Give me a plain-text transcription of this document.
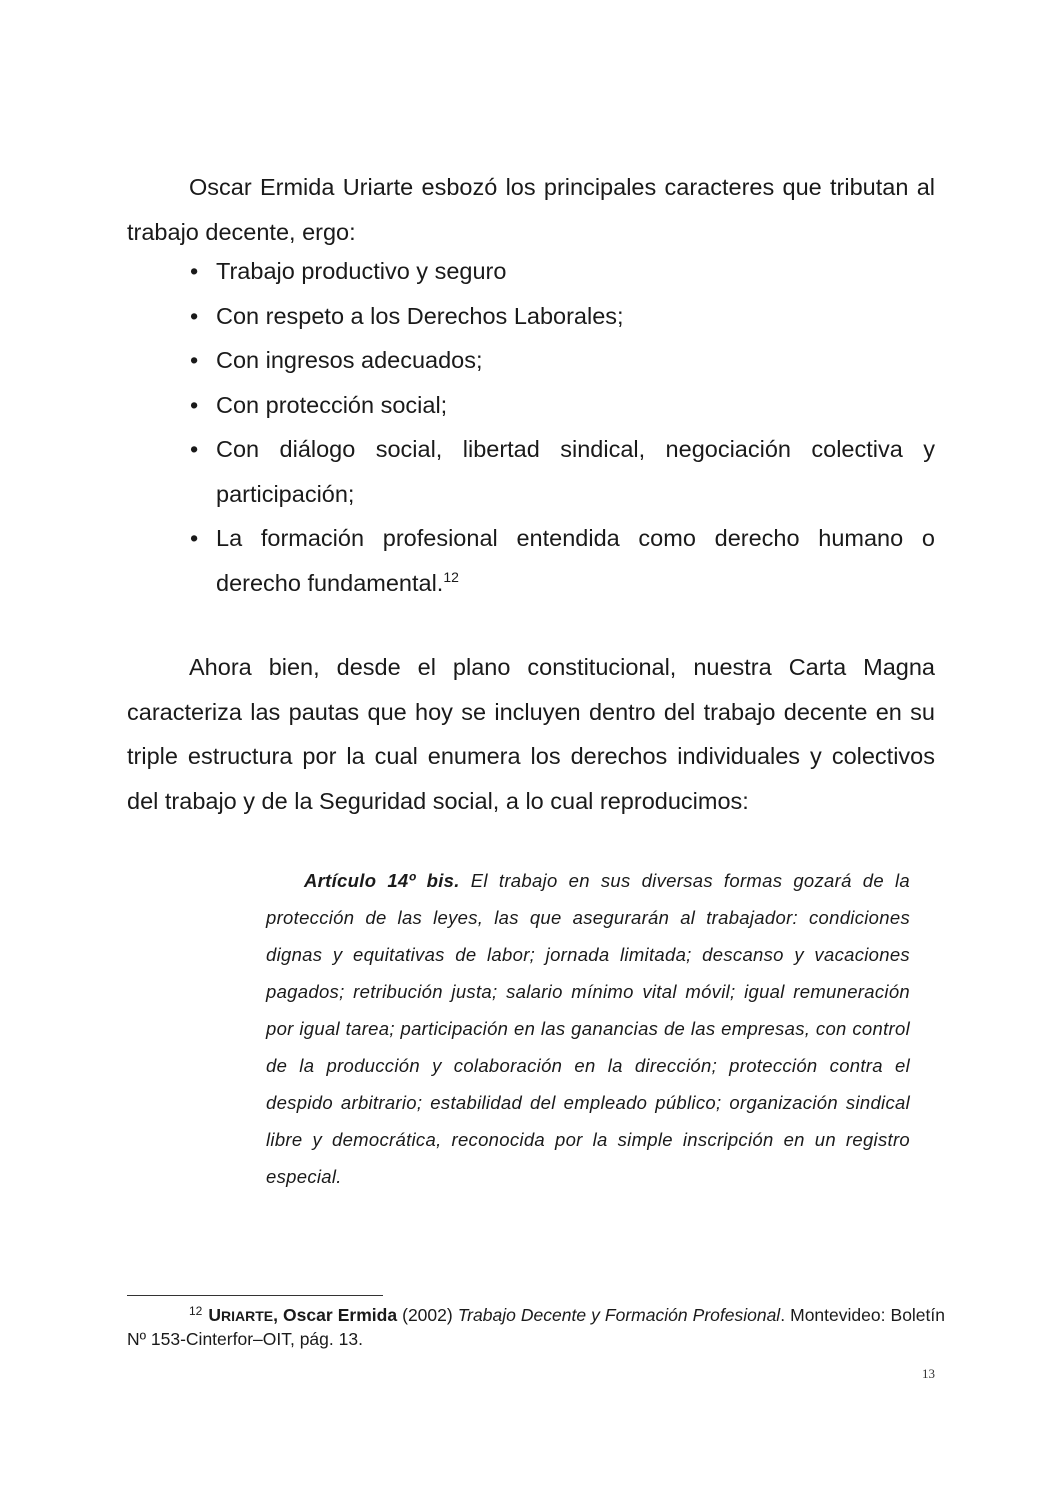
Oscar Ermida Uriarte esbozó los principales caracteres que tributan al trabajo decente, ergo:

• Trabajo productivo y seguro
• Con respeto a los Derechos Laborales;
• Con ingresos adecuados;
• Con protección social;
• Con diálogo social, libertad sindical, negociación colectiva y participación;
• La formación profesional entendida como derecho humano o derecho fundamental.$^{12}$

Ahora bien, desde el plano constitucional, nuestra Carta Magna caracteriza las pautas que hoy se incluyen dentro del trabajo decente en su triple estructura por la cual enumera los derechos individuales y colectivos del trabajo y de la Seguridad social, a lo cual reproducimos:

Artículo 14º bis. El trabajo en sus diversas formas gozará de la protección de las leyes, las que asegurarán al trabajador: condiciones dignas y equitativas de labor; jornada limitada; descanso y vacaciones pagados; retribución justa; salario mínimo vital móvil; igual remuneración por igual tarea; participación en las ganancias de las empresas, con control de la producción y colaboración en la dirección; protección contra el despido arbitrario; estabilidad del empleado público; organización sindical libre y democrática, reconocida por la simple inscripción en un registro especial.

$^{12}$ URIARTE, Oscar Ermida (2002) Trabajo Decente y Formación Profesional. Montevideo: Boletín Nº 153-Cinterfor–OIT, pág. 13.

13
